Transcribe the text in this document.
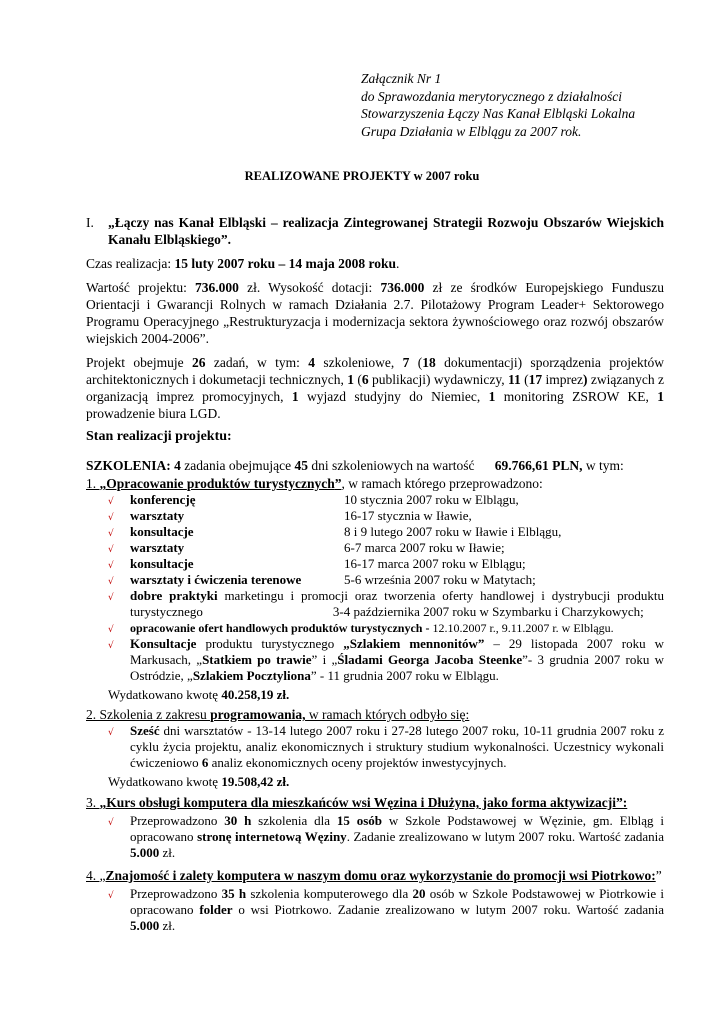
Załącznik Nr 1
do Sprawozdania merytorycznego z działalności
Stowarzyszenia Łączy Nas Kanał Elbląski Lokalna
Grupa Działania w Elblągu za 2007 rok.
REALIZOWANE PROJEKTY w 2007 roku
I.	„Łączy nas Kanał Elbląski – realizacja Zintegrowanej Strategii Rozwoju Obszarów Wiejskich Kanału Elbląskiego”.

Czas realizacja: 15 luty 2007 roku – 14 maja 2008 roku.

Wartość projektu: 736.000 zł. Wysokość dotacji: 736.000 zł ze środków Europejskiego Funduszu Orientacji i Gwarancji Rolnych w ramach Działania 2.7. Pilotażowy Program Leader+ Sektorowego Programu Operacyjnego „Restrukturyzacja i modernizacja sektora żywnościowego oraz rozwój obszarów wiejskich 2004-2006”.

Projekt obejmuje 26 zadań, w tym: 4 szkoleniowe, 7 (18 dokumentacji) sporządzenia projektów architektonicznych i dokumetacji technicznych, 1 (6 publikacji) wydawniczy, 11 (17 imprez) związanych z organizacją imprez promocyjnych, 1 wyjazd studyjny do Niemiec, 1 monitoring ZSROW KE, 1 prowadzenie biura LGD.

Stan realizacji projektu:

SZKOLENIA: 4 zadania obejmujące 45 dni szkoleniowych na wartość 69.766,61 PLN, w tym:

1. „Opracowanie produktów turystycznych”, w ramach którego przeprowadzono:

√ konferencję	10 stycznia 2007 roku w Elblągu,
√ warsztaty	16-17 stycznia w Iławie,
√ konsultacje	8 i 9 lutego 2007 roku w Iławie i Elblągu,
√ warsztaty	6-7 marca 2007 roku w Iławie;
√ konsultacje	16-17 marca 2007 roku w Elblągu;
√ warsztaty i ćwiczenia terenowe	5-6 września 2007 roku w Matytach;
√ dobre praktyki marketingu i promocji oraz tworzenia oferty handlowej i dystrybucji produktu turystycznego	3-4 października 2007 roku w Szymbarku i Charzykowych;
√ opracowanie ofert handlowych produktów turystycznych - 12.10.2007 r., 9.11.2007 r. w Elblągu.
√ Konsultacje produktu turystycznego „Szlakiem mennonitów” – 29 listopada 2007 roku w Markusach, „Statkiem po trawie” i „Śladami Georga Jacoba Steenke”- 3 grudnia 2007 roku w Ostródzie, „Szlakiem Pocztyliona” - 11 grudnia 2007 roku w Elblągu.

Wydatkowano kwotę 40.258,19 zł.

2. Szkolenia z zakresu programowania, w ramach których odbyło się:

√ Sześć dni warsztatów - 13-14 lutego 2007 roku i 27-28 lutego 2007 roku, 10-11 grudnia 2007 roku z cyklu życia projektu, analiz ekonomicznych i struktury studium wykonalności. Uczestnicy wykonali ćwiczeniowo 6 analiz ekonomicznych oceny projektów inwestycyjnych.

Wydatkowano kwotę 19.508,42 zł.

3. „Kurs obsługi komputera dla mieszkańców wsi Węzina i Dłużyna, jako forma aktywizacji”:

√ Przeprowadzono 30 h szkolenia dla 15 osób w Szkole Podstawowej w Węzinie, gm. Elbląg i opracowano stronę internetową Węziny. Zadanie zrealizowano w lutym 2007 roku. Wartość zadania 5.000 zł.

4. „Znajomość i zalety komputera w naszym domu oraz wykorzystanie do promocji wsi Piotrkowo:”

√ Przeprowadzono 35 h szkolenia komputerowego dla 20 osób w Szkole Podstawowej w Piotrkowie i opracowano folder o wsi Piotrkowo. Zadanie zrealizowano w lutym 2007 roku. Wartość zadania 5.000 zł.
